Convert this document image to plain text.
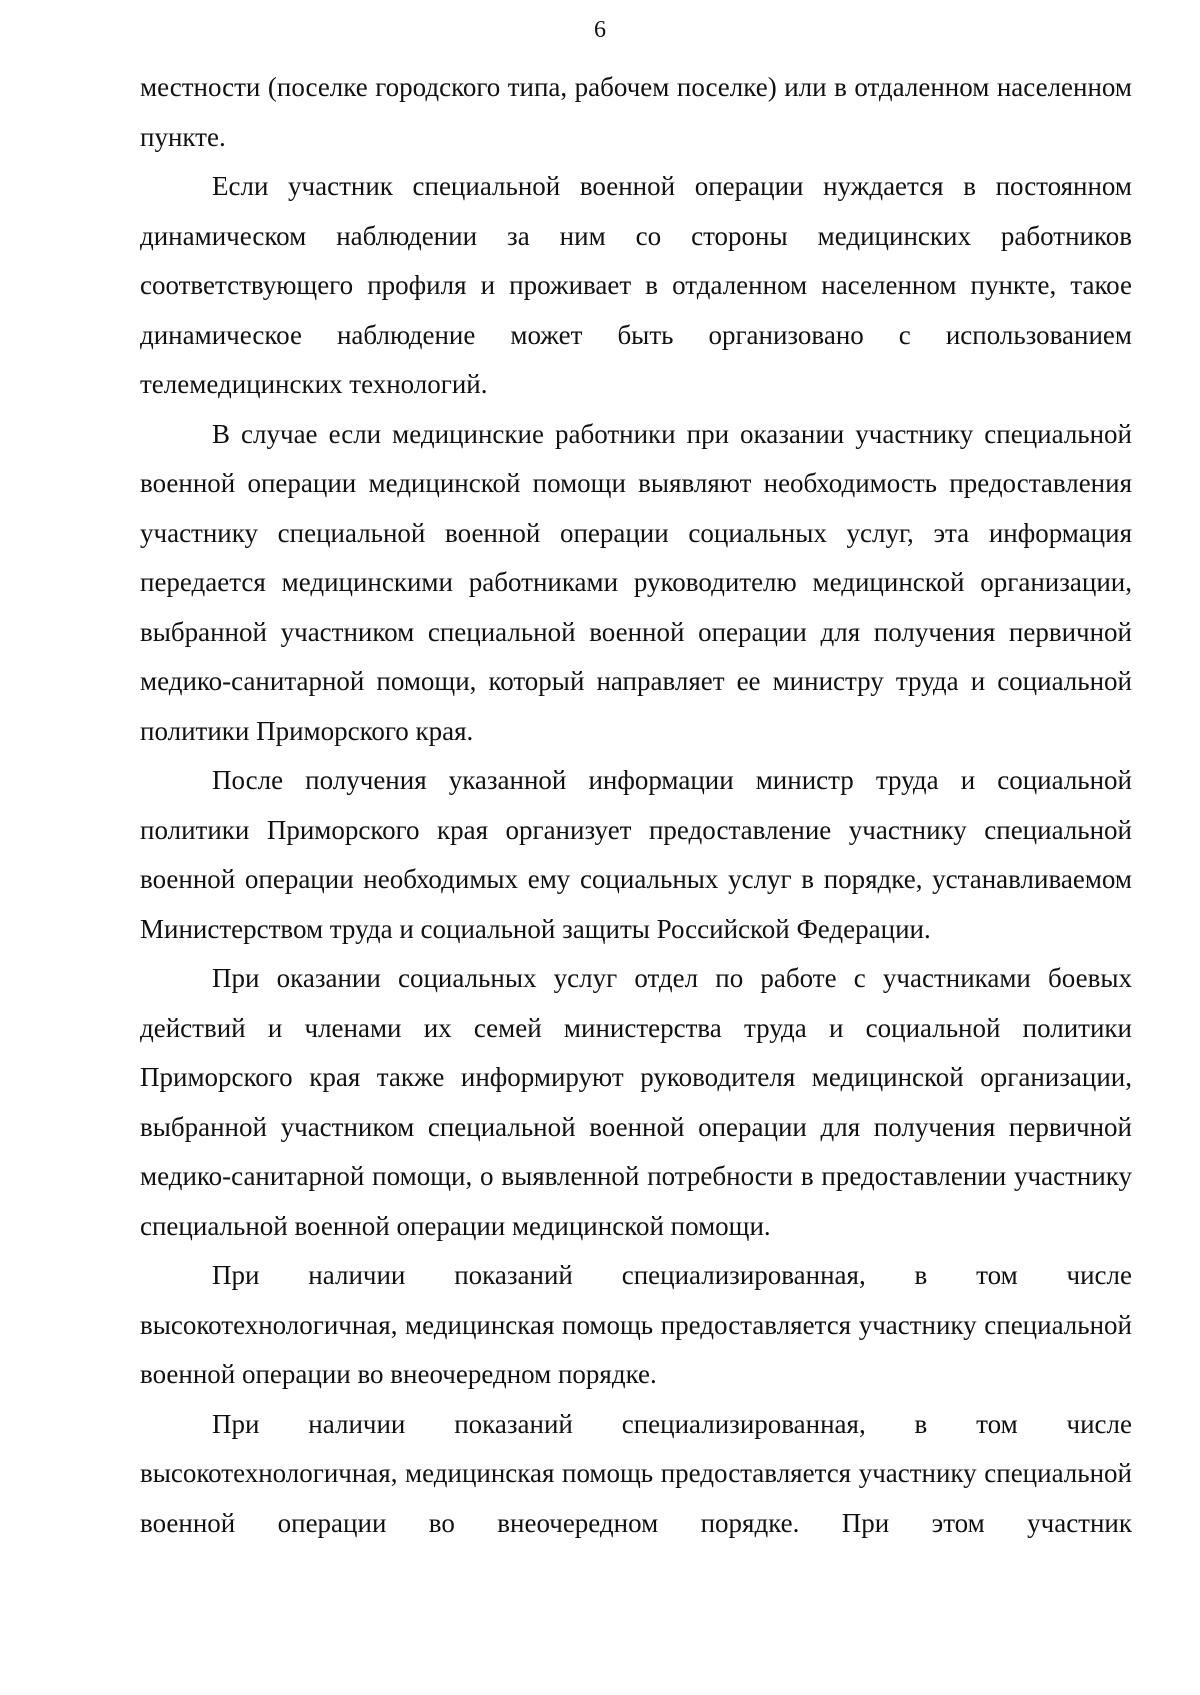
6

местности (поселке городского типа, рабочем поселке) или в отдаленном населенном пункте.

Если участник специальной военной операции нуждается в постоянном динамическом наблюдении за ним со стороны медицинских работников соответствующего профиля и проживает в отдаленном населенном пункте, такое динамическое наблюдение может быть организовано с использованием телемедицинских технологий.

В случае если медицинские работники при оказании участнику специальной военной операции медицинской помощи выявляют необходимость предоставления участнику специальной военной операции социальных услуг, эта информация передается медицинскими работниками руководителю медицинской организации, выбранной участником специальной военной операции для получения первичной медико-санитарной помощи, который направляет ее министру труда и социальной политики Приморского края.

После получения указанной информации министр труда и социальной политики Приморского края организует предоставление участнику специальной военной операции необходимых ему социальных услуг в порядке, устанавливаемом Министерством труда и социальной защиты Российской Федерации.

При оказании социальных услуг отдел по работе с участниками боевых действий и членами их семей министерства труда и социальной политики Приморского края также информируют руководителя медицинской организации, выбранной участником специальной военной операции для получения первичной медико-санитарной помощи, о выявленной потребности в предоставлении участнику специальной военной операции медицинской помощи.

При наличии показаний специализированная, в том числе высокотехнологичная, медицинская помощь предоставляется участнику специальной военной операции во внеочередном порядке.

При наличии показаний специализированная, в том числе высокотехнологичная, медицинская помощь предоставляется участнику специальной военной операции во внеочередном порядке. При этом участник
